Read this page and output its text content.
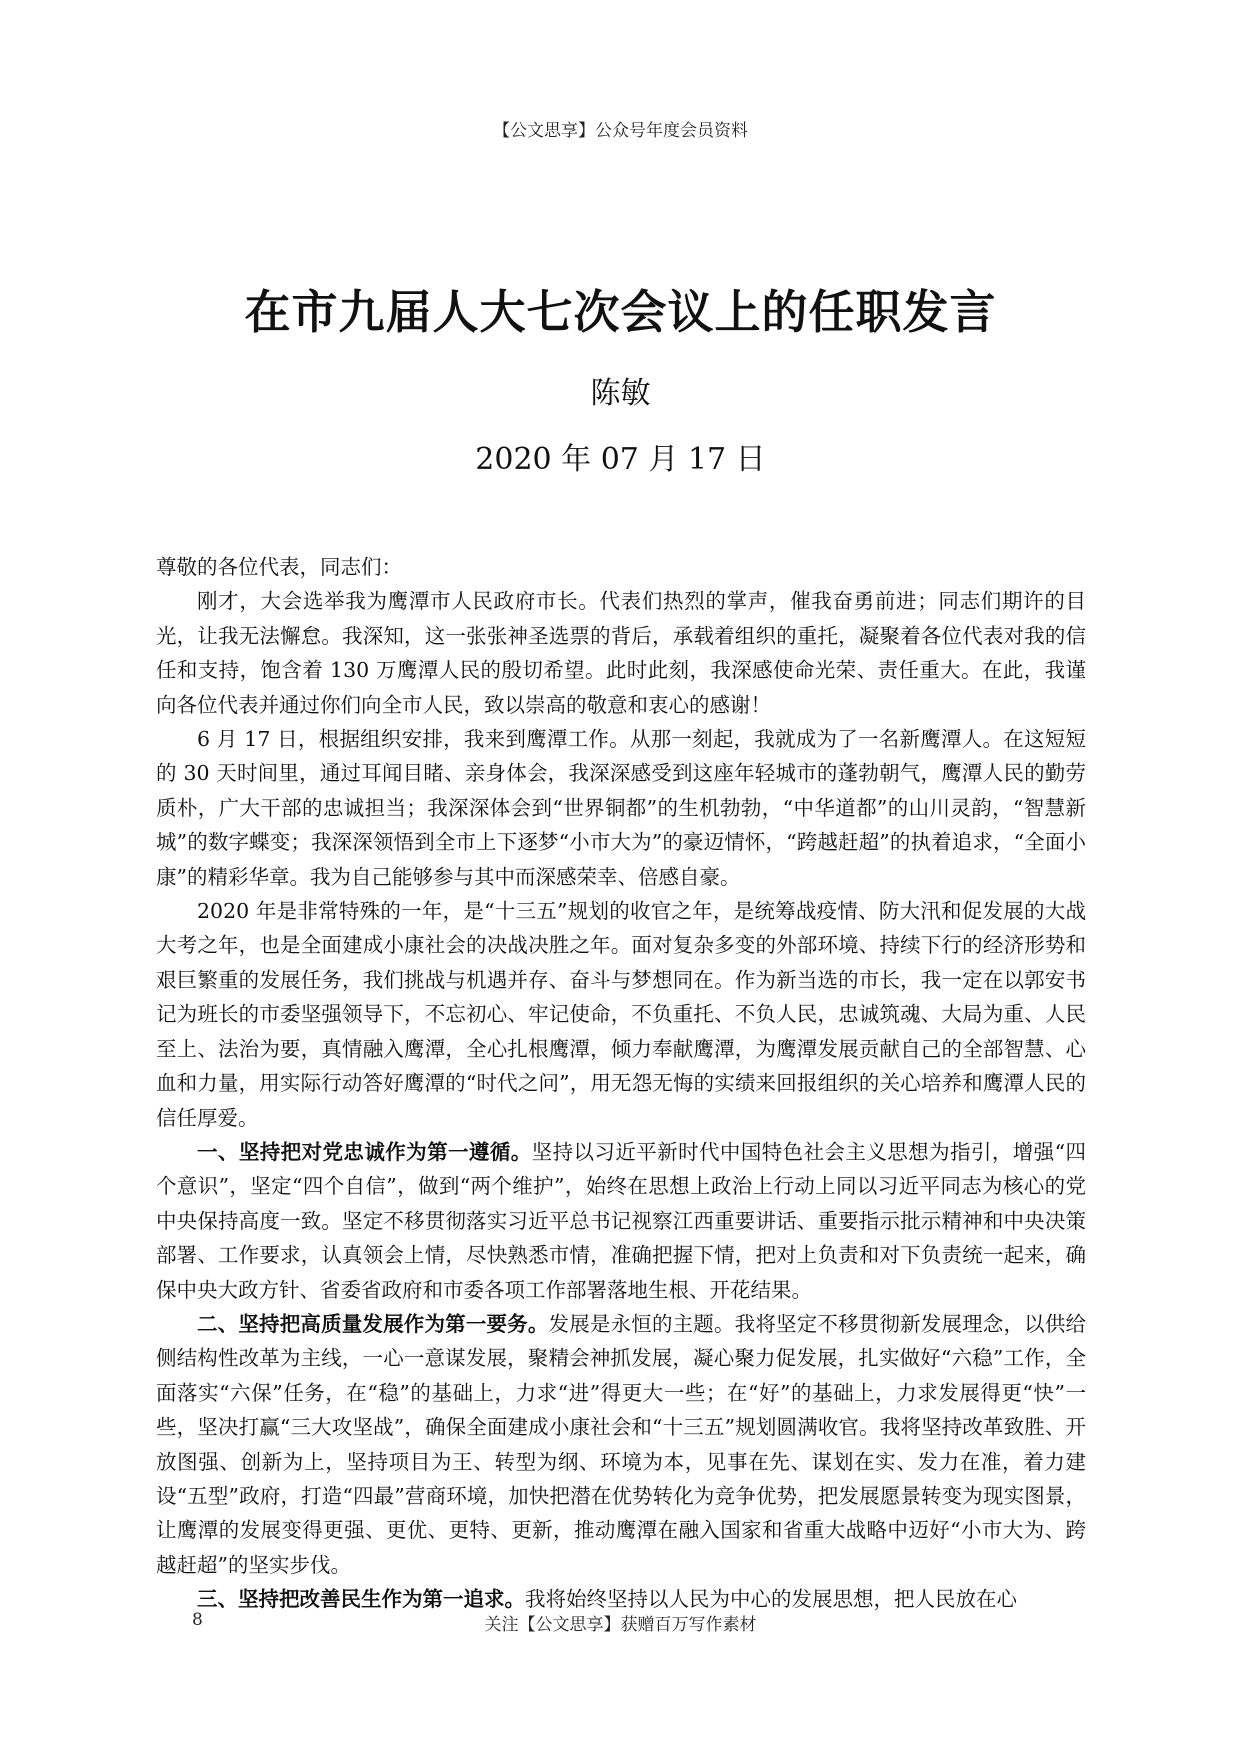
【公文思享】公众号年度会员资料
在市九届人大七次会议上的任职发言
陈敏
2020 年 07 月 17 日

尊敬的各位代表，同志们：

刚才，大会选举我为鹰潭市人民政府市长。代表们热烈的掌声，催我奋勇前进；同志们期许的目光，让我无法懈怠。我深知，这一张张神圣选票的背后，承载着组织的重托，凝聚着各位代表对我的信任和支持，饱含着 130 万鹰潭人民的殷切希望。此时此刻，我深感使命光荣、责任重大。在此，我谨向各位代表并通过你们向全市人民，致以崇高的敬意和衷心的感谢！

6 月 17 日，根据组织安排，我来到鹰潭工作。从那一刻起，我就成为了一名新鹰潭人。在这短短的 30 天时间里，通过耳闻目睹、亲身体会，我深深感受到这座年轻城市的蓬勃朝气，鹰潭人民的勤劳质朴，广大干部的忠诚担当；我深深体会到“世界铜都”的生机勃勃，“中华道都”的山川灵韵，“智慧新城”的数字蝶变；我深深领悟到全市上下逐梦“小市大为”的豪迈情怀，“跨越赶超”的执着追求，“全面小康”的精彩华章。我为自己能够参与其中而深感荣幸、倍感自豪。

2020 年是非常特殊的一年，是“十三五”规划的收官之年，是统筹战疫情、防大汛和促发展的大战大考之年，也是全面建成小康社会的决战决胜之年。面对复杂多变的外部环境、持续下行的经济形势和艰巨繁重的发展任务，我们挑战与机遇并存、奋斗与梦想同在。作为新当选的市长，我一定在以郭安书记为班长的市委坚强领导下，不忘初心、牢记使命，不负重托、不负人民，忠诚筑魂、大局为重、人民至上、法治为要，真情融入鹰潭，全心扎根鹰潭，倾力奉献鹰潭，为鹰潭发展贡献自己的全部智慧、心血和力量，用实际行动答好鹰潭的“时代之问”，用无怨无悔的实绩来回报组织的关心培养和鹰潭人民的信任厚爱。

一、坚持把对党忠诚作为第一遵循。坚持以习近平新时代中国特色社会主义思想为指引，增强“四个意识”，坚定“四个自信”，做到“两个维护”，始终在思想上政治上行动上同以习近平同志为核心的党中央保持高度一致。坚定不移贯彻落实习近平总书记视察江西重要讲话、重要指示批示精神和中央决策部署、工作要求，认真领会上情，尽快熟悉市情，准确把握下情，把对上负责和对下负责统一起来，确保中央大政方针、省委省政府和市委各项工作部署落地生根、开花结果。

二、坚持把高质量发展作为第一要务。发展是永恒的主题。我将坚定不移贯彻新发展理念，以供给侧结构性改革为主线，一心一意谋发展，聚精会神抓发展，凝心聚力促发展，扎实做好“六稳”工作，全面落实“六保”任务，在“稳”的基础上，力求“进”得更大一些；在“好”的基础上，力求发展得更“快”一些，坚决打赢“三大攻坚战”，确保全面建成小康社会和“十三五”规划圆满收官。我将坚持改革致胜、开放图强、创新为上，坚持项目为王、转型为纲、环境为本，见事在先、谋划在实、发力在准，着力建设“五型”政府，打造“四最”营商环境，加快把潜在优势转化为竞争优势，把发展愿景转变为现实图景，让鹰潭的发展变得更强、更优、更特、更新，推动鹰潭在融入国家和省重大战略中迈好“小市大为、跨越赶超”的坚实步伐。

三、坚持把改善民生作为第一追求。我将始终坚持以人民为中心的发展思想，把人民放在心

8	关注【公文思享】获赠百万写作素材
